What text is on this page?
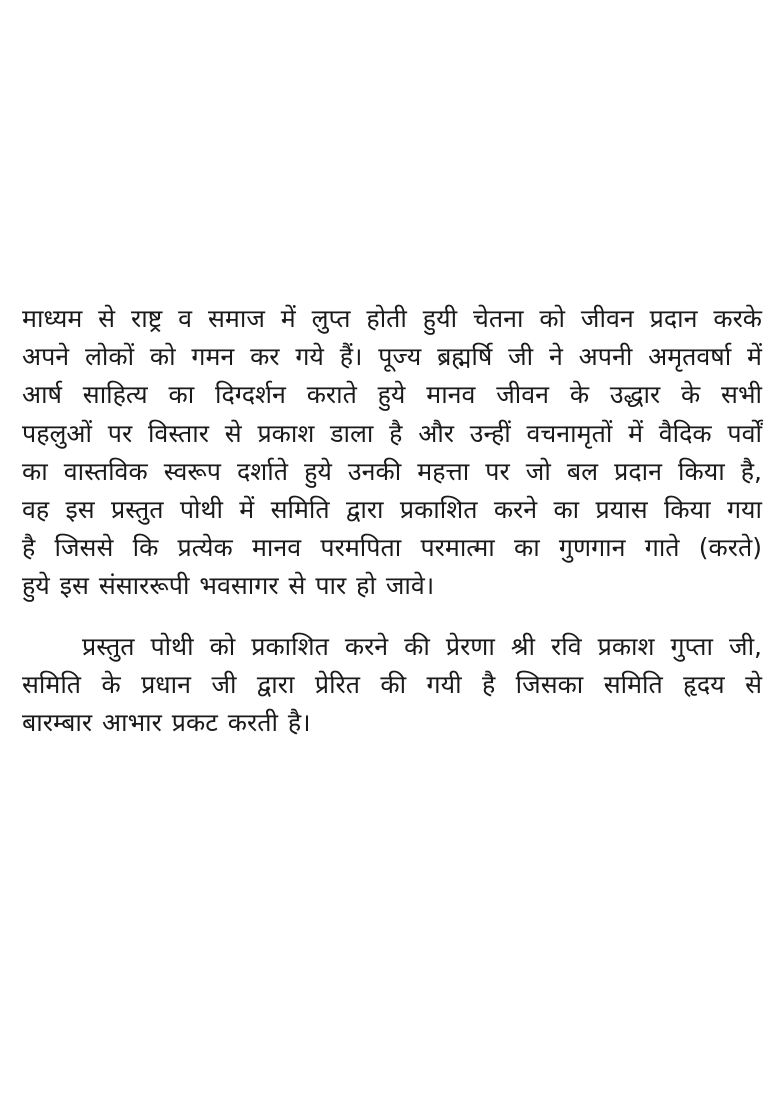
माध्यम से राष्ट्र व समाज में लुप्त होती हुयी चेतना को जीवन प्रदान करके
अपने लोकों को गमन कर गये हैं। पूज्य ब्रह्मर्षि जी ने अपनी अमृतवर्षा में
आर्ष साहित्य का दिग्दर्शन कराते हुये मानव जीवन के उद्धार के सभी
पहलुओं पर विस्तार से प्रकाश डाला है और उन्हीं वचनामृतों में वैदिक पर्वों
का वास्तविक स्वरूप दर्शाते हुये उनकी महत्ता पर जो बल प्रदान किया है,
वह इस प्रस्तुत पोथी में समिति द्वारा प्रकाशित करने का प्रयास किया गया
है जिससे कि प्रत्येक मानव परमपिता परमात्मा का गुणगान गाते (करते)
हुये इस संसाररूपी भवसागर से पार हो जावे।
प्रस्तुत पोथी को प्रकाशित करने की प्रेरणा श्री रवि प्रकाश गुप्ता जी,
समिति के प्रधान जी द्वारा प्रेरित की गयी है जिसका समिति हृदय से
बारम्बार आभार प्रकट करती है।
